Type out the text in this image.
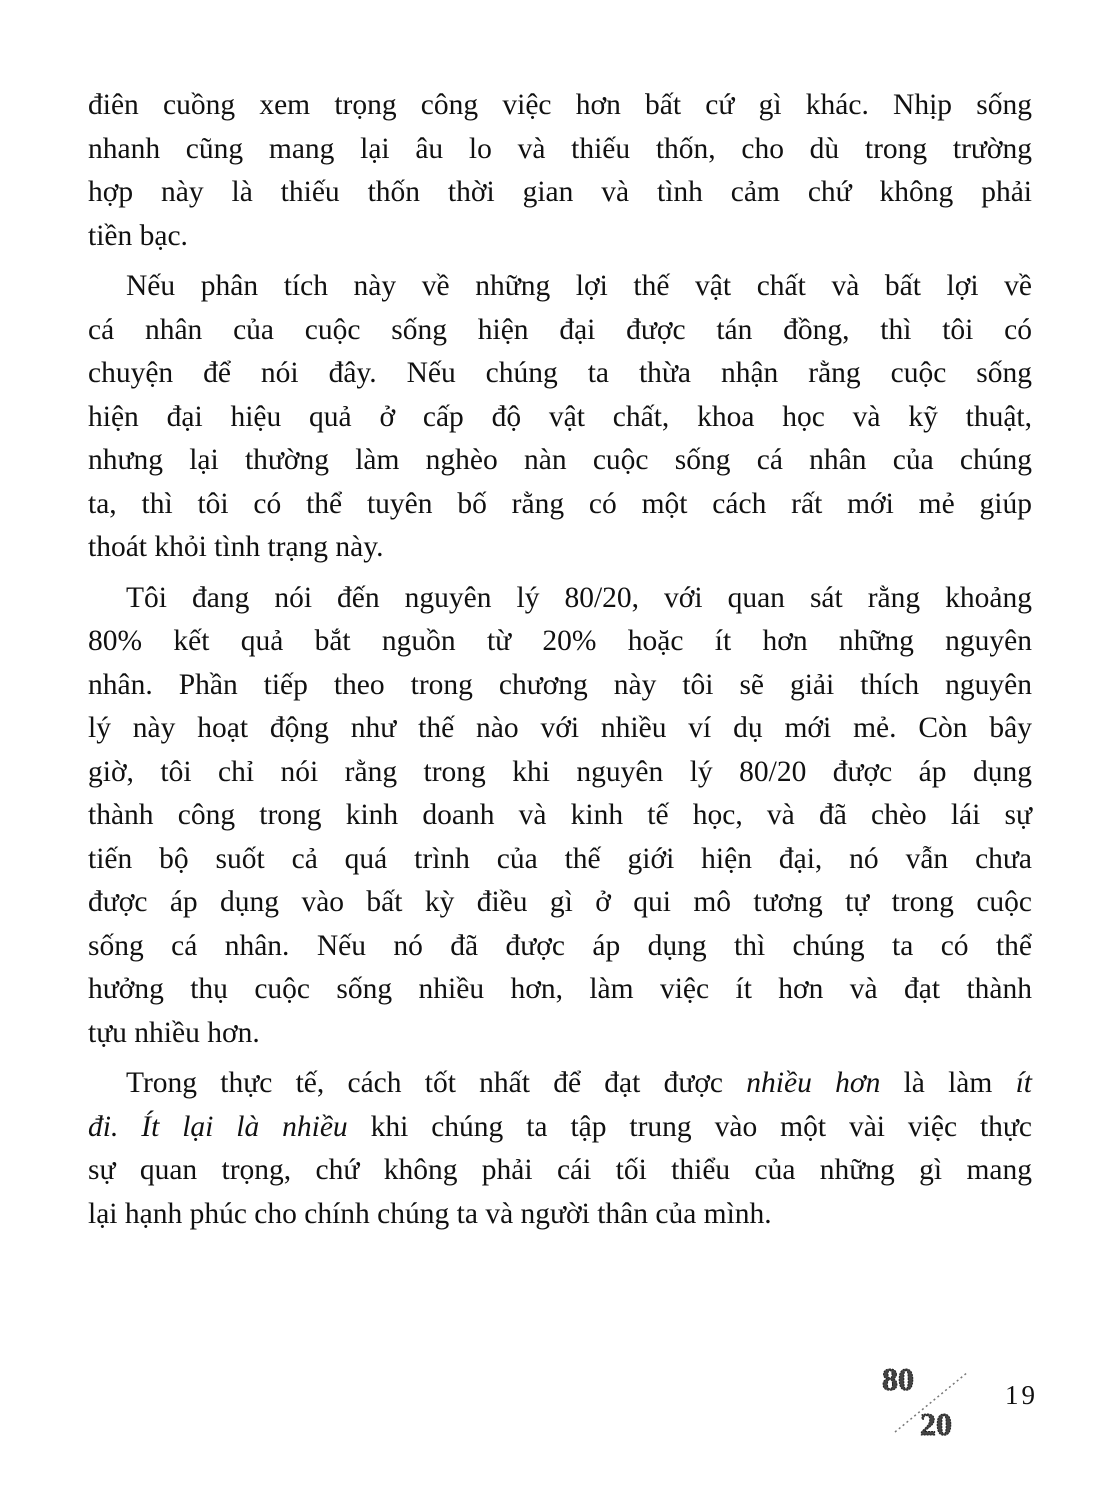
điên cuồng xem trọng công việc hơn bất cứ gì khác. Nhịp sống
nhanh cũng mang lại âu lo và thiếu thốn, cho dù trong trường
hợp này là thiếu thốn thời gian và tình cảm chứ không phải
tiền bạc.
Nếu phân tích này về những lợi thế vật chất và bất lợi về
cá nhân của cuộc sống hiện đại được tán đồng, thì tôi có
chuyện để nói đây. Nếu chúng ta thừa nhận rằng cuộc sống
hiện đại hiệu quả ở cấp độ vật chất, khoa học và kỹ thuật,
nhưng lại thường làm nghèo nàn cuộc sống cá nhân của chúng
ta, thì tôi có thể tuyên bố rằng có một cách rất mới mẻ giúp
thoát khỏi tình trạng này.
Tôi đang nói đến nguyên lý 80/20, với quan sát rằng khoảng
80% kết quả bắt nguồn từ 20% hoặc ít hơn những nguyên
nhân. Phần tiếp theo trong chương này tôi sẽ giải thích nguyên
lý này hoạt động như thế nào với nhiều ví dụ mới mẻ. Còn bây
giờ, tôi chỉ nói rằng trong khi nguyên lý 80/20 được áp dụng
thành công trong kinh doanh và kinh tế học, và đã chèo lái sự
tiến bộ suốt cả quá trình của thế giới hiện đại, nó vẫn chưa
được áp dụng vào bất kỳ điều gì ở qui mô tương tự trong cuộc
sống cá nhân. Nếu nó đã được áp dụng thì chúng ta có thể
hưởng thụ cuộc sống nhiều hơn, làm việc ít hơn và đạt thành
tựu nhiều hơn.
Trong thực tế, cách tốt nhất để đạt được nhiều hơn là làm ít
đi. Ít lại là nhiều khi chúng ta tập trung vào một vài việc thực
sự quan trọng, chứ không phải cái tối thiểu của những gì mang
lại hạnh phúc cho chính chúng ta và người thân của mình.
80
20
19
